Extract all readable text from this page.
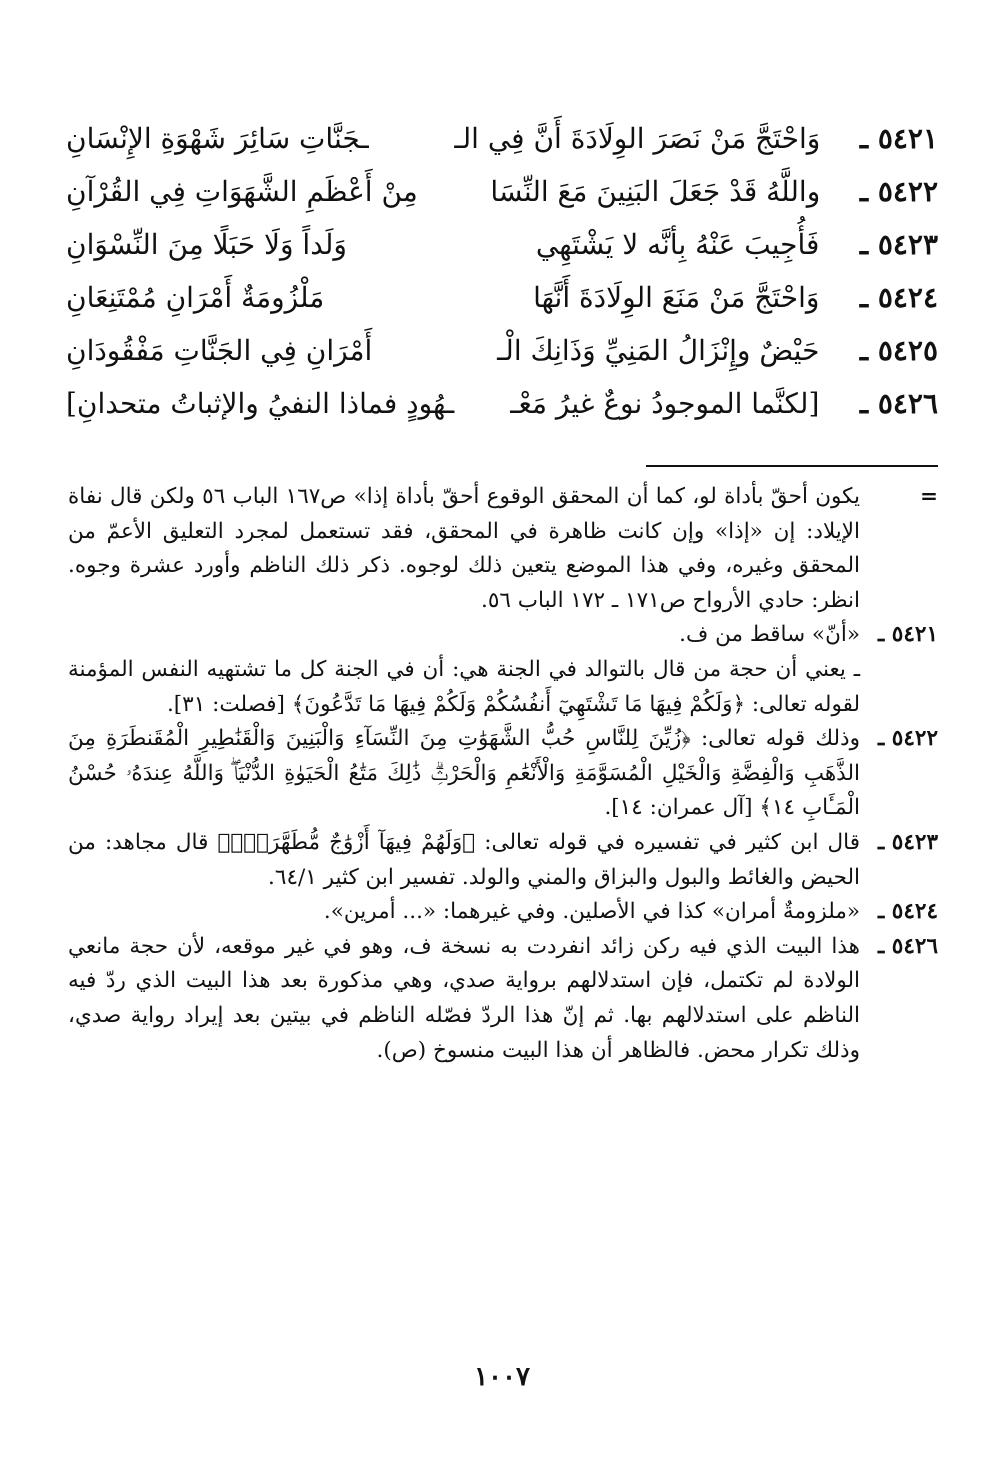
٥٤٢١ ـ
وَاحْتَجَّ مَنْ نَصَرَ الوِلَادَةَ أَنَّ فِي الـ
ـجَنَّاتِ سَائِرَ شَهْوَةِ الإِنْسَانِ
٥٤٢٢ ـ
واللَّهُ قَدْ جَعَلَ البَنِينَ مَعَ النِّسَا
مِنْ أَعْظَمِ الشَّهَوَاتِ فِي القُرْآنِ
٥٤٢٣ ـ
فَأُجِيبَ عَنْهُ بِأنَّه لا يَشْتَهِي
وَلَداً وَلَا حَبَلًا مِنَ النِّسْوَانِ
٥٤٢٤ ـ
وَاحْتَجَّ مَنْ مَنَعَ الوِلَادَةَ أَنَّهَا
مَلْزُومَةٌ أَمْرَانِ مُمْتَنِعَانِ
٥٤٢٥ ـ
حَيْضٌ وإِنْزَالُ المَنِيِّ وَذَانِكَ الْـ
أَمْرَانِ فِي الجَنَّاتِ مَفْقُودَانِ
٥٤٢٦ ـ
[لكنَّما الموجودُ نوعٌ غيرُ مَعْـ
ـهُودٍ فماذا النفيُ والإثباتُ متحدانِ]
=

يكون أحقّ بأداة لو، كما أن المحقق الوقوع أحقّ بأداة إذا» ص١٦٧ الباب ٥٦ ولكن قال نفاة الإيلاد: إن «إذا» وإن كانت ظاهرة في المحقق، فقد تستعمل لمجرد التعليق الأعمّ من المحقق وغيره، وفي هذا الموضع يتعين ذلك لوجوه. ذكر ذلك الناظم وأورد عشرة وجوه. انظر: حادي الأرواح ص١٧١ ـ ١٧٢ الباب ٥٦.

٥٤٢١ ـ

«أنّ» ساقط من ف.

ـ يعني أن حجة من قال بالتوالد في الجنة هي: أن في الجنة كل ما تشتهيه النفس المؤمنة لقوله تعالى: ﴿وَلَكُمْ فِيهَا مَا تَشْتَهِيٓ أَنفُسُكُمْ وَلَكُمْ فِيهَا مَا تَدَّعُونَ﴾ [فصلت: ٣١].

٥٤٢٢ ـ

وذلك قوله تعالى: ﴿زُيِّنَ لِلنَّاسِ حُبُّ الشَّهَوَٰتِ مِنَ النِّسَآءِ وَالْبَنِينَ وَالْقَنَٰطِيرِ الْمُقَنطَرَةِ مِنَ الذَّهَبِ وَالْفِضَّةِ وَالْخَيْلِ الْمُسَوَّمَةِ وَالْأَنْعَٰمِ وَالْحَرْثِۗ ذَٰلِكَ مَتَٰعُ الْحَيَوٰةِ الدُّنْيَاۖ وَاللَّهُ عِندَهُۥ حُسْنُ الْمَـَٔابِ ١٤﴾ [آل عمران: ١٤].

٥٤٢٣ ـ

قال ابن كثير في تفسيره في قوله تعالى: ﴿وَلَهُمْ فِيهَآ أَزْوَٰجٌ مُّطَهَّرَةٌۖ﴾ قال مجاهد: من الحيض والغائط والبول والبزاق والمني والولد. تفسير ابن كثير ٦٤/١.

٥٤٢٤ ـ

«ملزومةٌ أمران» كذا في الأصلين. وفي غيرهما: «... أمرين».

٥٤٢٦ ـ

هذا البيت الذي فيه ركن زائد انفردت به نسخة ف، وهو في غير موقعه، لأن حجة مانعي الولادة لم تكتمل، فإن استدلالهم برواية صدي، وهي مذكورة بعد هذا البيت الذي ردّ فيه الناظم على استدلالهم بها. ثم إنّ هذا الردّ فصّله الناظم في بيتين بعد إيراد رواية صدي، وذلك تكرار محض. فالظاهر أن هذا البيت منسوخ (ص).

١٠٠٧
